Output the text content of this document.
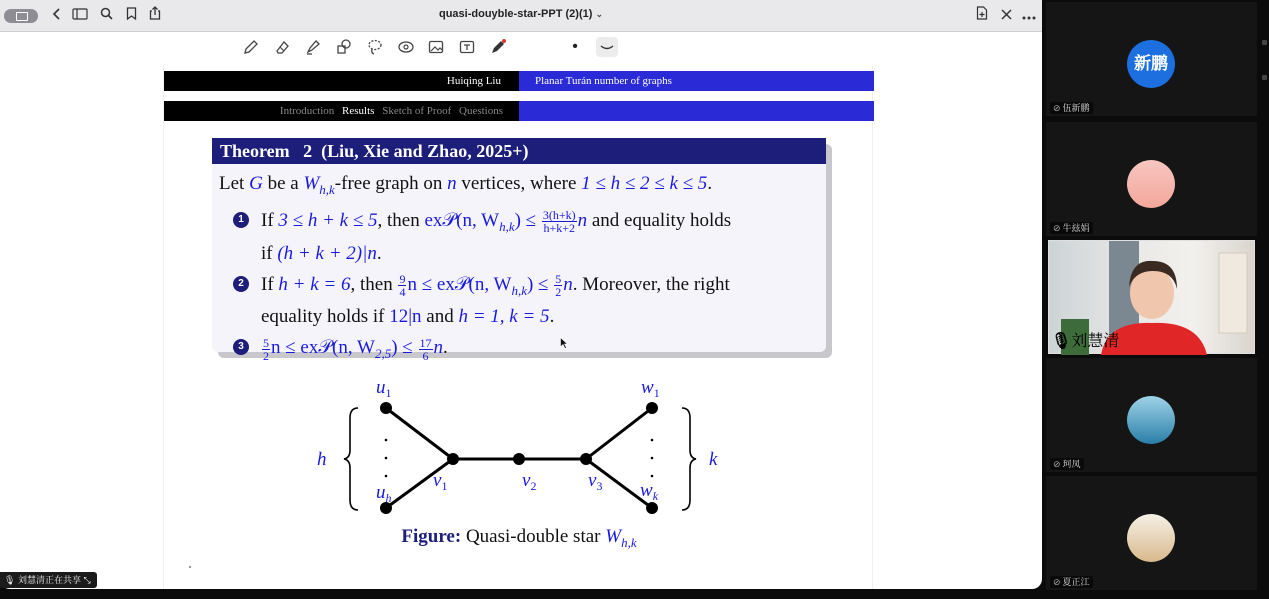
quasi-douyble-star-PPT (2)(1) ⌄
•
Huiqing Liu	Planar Turán number of graphs
Introduction Results Sketch of Proof Questions
Theorem   2  (Liu, Xie and Zhao, 2025+)
Let G be a $W_{h,k}$-free graph on n vertices, where 1 ≤ h ≤ 2 ≤ k ≤ 5.
1 If 3 ≤ h + k ≤ 5, then ex𝒫(n, $W_{h,k}) \le \frac{3(h+k)}{h+k+2}$ n and equality holds
if (h + k + 2)|n.
2 If h + k = 6, then $\frac{9}{4}$ n ≤ ex𝒫(n, $W_{h,k}) \le \frac{5}{2} n$. Moreover, the right
equality holds if 12|n and h = 1, k = 5.
3	$\frac{5}{2}$ n ≤ ex𝒫(n, $W_{2,5}) \le \frac{17}{6} n$.
h	k
$u_1$
$u_h$
$w_1$
$w_k$
$v_1$	$v_2$	$v_3$
Figure: Quasi-double star $W_{h,k}$
🎙 刘慧清正在共享 ⤡
新鹏
⊘ 伍新鹏
⊘ 牛玆娟
🎙刘慧清
⊘ 珂凤
⊘ 夏正江
